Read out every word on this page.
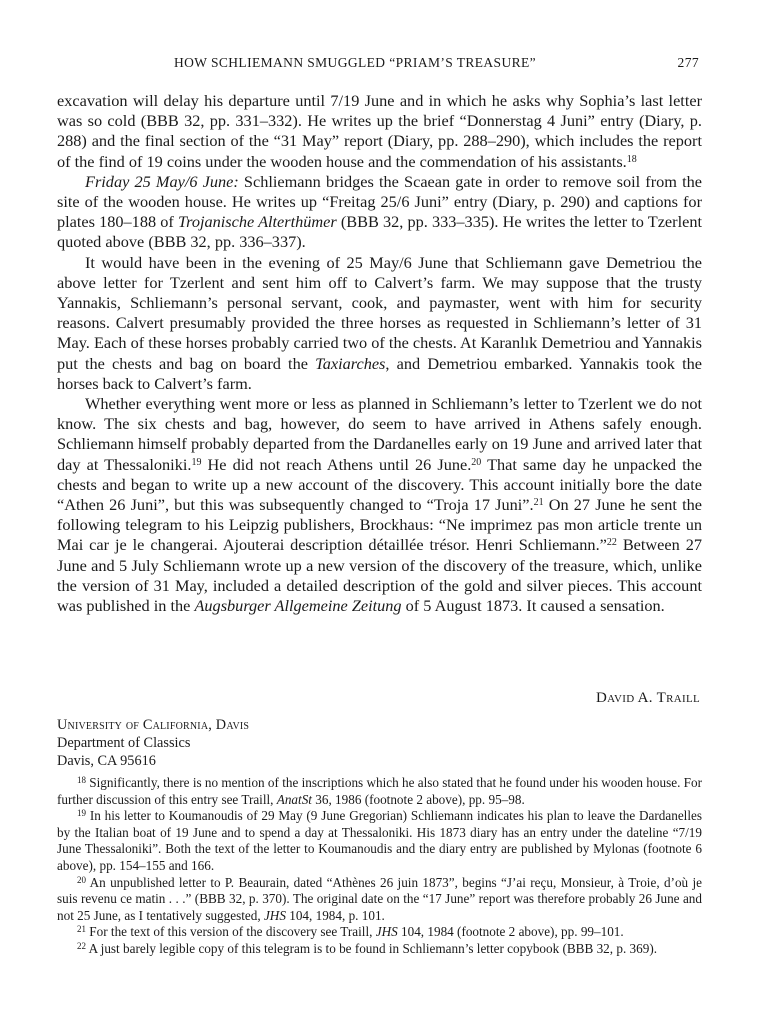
HOW SCHLIEMANN SMUGGLED “PRIAM’S TREASURE”	277

excavation will delay his departure until 7/19 June and in which he asks why Sophia’s last letter was so cold (BBB 32, pp. 331–332). He writes up the brief “Donnerstag 4 Juni” entry (Diary, p. 288) and the final section of the “31 May” report (Diary, pp. 288–290), which includes the report of the find of 19 coins under the wooden house and the commendation of his assistants.$^{18}$

Friday 25 May/6 June: Schliemann bridges the Scaean gate in order to remove soil from the site of the wooden house. He writes up “Freitag 25/6 Juni” entry (Diary, p. 290) and captions for plates 180–188 of Trojanische Alterthümer (BBB 32, pp. 333–335). He writes the letter to Tzerlent quoted above (BBB 32, pp. 336–337).

It would have been in the evening of 25 May/6 June that Schliemann gave Demetriou the above letter for Tzerlent and sent him off to Calvert’s farm. We may suppose that the trusty Yannakis, Schliemann’s personal servant, cook, and paymaster, went with him for security reasons. Calvert presumably provided the three horses as requested in Schliemann’s letter of 31 May. Each of these horses probably carried two of the chests. At Karanlık Demetriou and Yannakis put the chests and bag on board the Taxiarches, and Demetriou embarked. Yannakis took the horses back to Calvert’s farm.

Whether everything went more or less as planned in Schliemann’s letter to Tzerlent we do not know. The six chests and bag, however, do seem to have arrived in Athens safely enough. Schliemann himself probably departed from the Dardanelles early on 19 June and arrived later that day at Thessaloniki.$^{19}$ He did not reach Athens until 26 June.$^{20}$ That same day he unpacked the chests and began to write up a new account of the discovery. This account initially bore the date “Athen 26 Juni”, but this was subsequently changed to “Troja 17 Juni”.$^{21}$ On 27 June he sent the following telegram to his Leipzig publishers, Brockhaus: “Ne imprimez pas mon article trente un Mai car je le changerai. Ajouterai description détaillée trésor. Henri Schliemann.”$^{22}$ Between 27 June and 5 July Schliemann wrote up a new version of the discovery of the treasure, which, unlike the version of 31 May, included a detailed description of the gold and silver pieces. This account was published in the Augsburger Allgemeine Zeitung of 5 August 1873. It caused a sensation.

David A. Traill
University of California, Davis
Department of Classics
Davis, CA 95616

$^{18}$ Significantly, there is no mention of the inscriptions which he also stated that he found under his wooden house. For further discussion of this entry see Traill, AnatSt 36, 1986 (footnote 2 above), pp. 95–98.

$^{19}$ In his letter to Koumanoudis of 29 May (9 June Gregorian) Schliemann indicates his plan to leave the Dardanelles by the Italian boat of 19 June and to spend a day at Thessaloniki. His 1873 diary has an entry under the dateline “7/19 June Thessaloniki”. Both the text of the letter to Koumanoudis and the diary entry are published by Mylonas (footnote 6 above), pp. 154–155 and 166.

$^{20}$ An unpublished letter to P. Beaurain, dated “Athènes 26 juin 1873”, begins “J’ai reçu, Monsieur, à Troie, d’où je suis revenu ce matin . . .” (BBB 32, p. 370). The original date on the “17 June” report was therefore probably 26 June and not 25 June, as I tentatively suggested, JHS 104, 1984, p. 101.

$^{21}$ For the text of this version of the discovery see Traill, JHS 104, 1984 (footnote 2 above), pp. 99–101.

$^{22}$ A just barely legible copy of this telegram is to be found in Schliemann’s letter copybook (BBB 32, p. 369).
